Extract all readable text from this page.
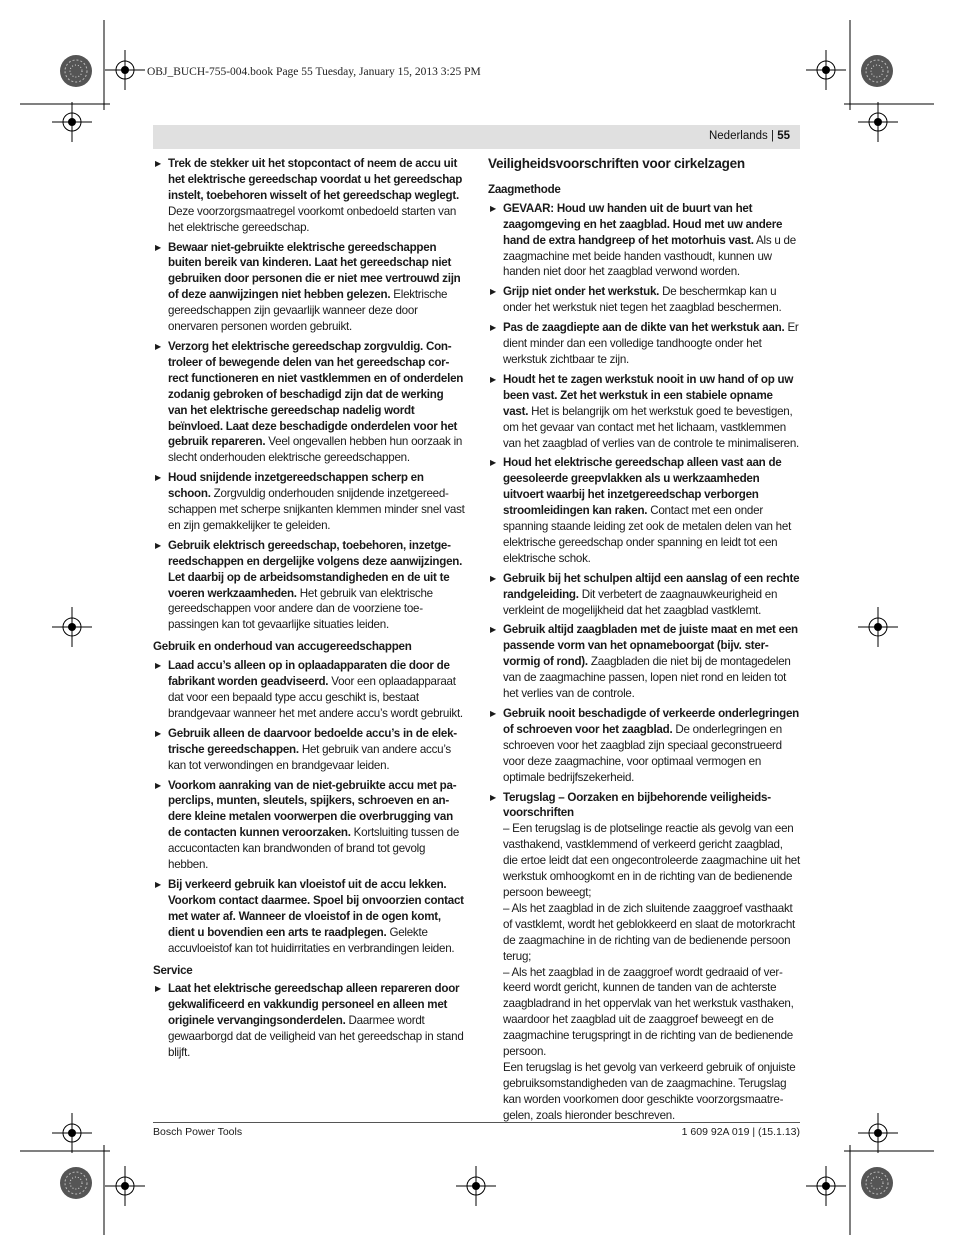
OBJ_BUCH-755-004.book Page 55 Tuesday, January 15, 2013 3:25 PM
Nederlands | 55
▶ Trek de stekker uit het stopcontact of neem de accu uit het elektrische gereedschap voordat u het gereedschap instelt, toebehoren wisselt of het gereedschap weglegt. Deze voorzorgsmaatregel voorkomt onbedoeld starten van het elektrische gereedschap.
▶ Bewaar niet-gebruikte elektrische gereedschappen buiten bereik van kinderen. Laat het gereedschap niet gebruiken door personen die er niet mee vertrouwd zijn of deze aanwijzingen niet hebben gelezen. Elektrische gereedschappen zijn gevaarlijk wanneer deze door onervaren personen worden gebruikt.
▶ Verzorg het elektrische gereedschap zorgvuldig. Controleer of bewegende delen van het gereedschap correct functioneren en niet vastklemmen en of onderdelen zodanig gebroken of beschadigd zijn dat de werking van het elektrische gereedschap nadelig wordt beïnvloed. Laat deze beschadigde onderdelen voor het gebruik repareren. Veel ongevallen hebben hun oorzaak in slecht onderhouden elektrische gereedschappen.
▶ Houd snijdende inzetgereedschappen scherp en schoon. Zorgvuldig onderhouden snijdende inzetgereedschappen met scherpe snijkanten klemmen minder snel vast en zijn gemakkelijker te geleiden.
▶ Gebruik elektrisch gereedschap, toebehoren, inzetgereedschappen en dergelijke volgens deze aanwijzingen. Let daarbij op de arbeidsomstandigheden en de uit te voeren werkzaamheden. Het gebruik van elektrische gereedschappen voor andere dan de voorziene toepassingen kan tot gevaarlijke situaties leiden.
Gebruik en onderhoud van accugereedschappen
▶ Laad accu’s alleen op in oplaadapparaten die door de fabrikant worden geadviseerd. Voor een oplaadapparaat dat voor een bepaald type accu geschikt is, bestaat brandgevaar wanneer het met andere accu’s wordt gebruikt.
▶ Gebruik alleen de daarvoor bedoelde accu’s in de elektrische gereedschappen. Het gebruik van andere accu’s kan tot verwondingen en brandgevaar leiden.
▶ Voorkom aanraking van de niet-gebruikte accu met paperclips, munten, sleutels, spijkers, schroeven en andere kleine metalen voorwerpen die overbrugging van de contacten kunnen veroorzaken. Kortsluiting tussen de accucontacten kan brandwonden of brand tot gevolg hebben.
▶ Bij verkeerd gebruik kan vloeistof uit de accu lekken. Voorkom contact daarmee. Spoel bij onvoorzien contact met water af. Wanneer de vloeistof in de ogen komt, dient u bovendien een arts te raadplegen. Gelekte accuvloeistof kan tot huidirritaties en verbrandingen leiden.
Service
▶ Laat het elektrische gereedschap alleen repareren door gekwalificeerd en vakkundig personeel en alleen met originele vervangingsonderdelen. Daarmee wordt gewaarborgd dat de veiligheid van het gereedschap in stand blijft.
Veiligheidsvoorschriften voor cirkelzagen
Zaagmethode
▶ GEVAAR: Houd uw handen uit de buurt van het zaagomgeving en het zaagblad. Houd met uw andere hand de extra handgreep of het motorhuis vast. Als u de zaagmachine met beide handen vasthoudt, kunnen uw handen niet door het zaagblad verwond worden.
▶ Grijp niet onder het werkstuk. De beschermkap kan u onder het werkstuk niet tegen het zaagblad beschermen.
▶ Pas de zaagdiepte aan de dikte van het werkstuk aan. Er dient minder dan een volledige tandhoogte onder het werkstuk zichtbaar te zijn.
▶ Houdt het te zagen werkstuk nooit in uw hand of op uw been vast. Zet het werkstuk in een stabiele opname vast. Het is belangrijk om het werkstuk goed te bevestigen, om het gevaar van contact met het lichaam, vastklemmen van het zaagblad of verlies van de controle te minimaliseren.
▶ Houd het elektrische gereedschap alleen vast aan de geesoleerde greepvlakken als u werkzaamheden uitvoert waarbij het inzetgereedschap verborgen stroomleidingen kan raken. Contact met een onder spanning staande leiding zet ook de metalen delen van het elektrische gereedschap onder spanning en leidt tot een elektrische schok.
▶ Gebruik bij het schulpen altijd een aanslag of een rechte randgeleiding. Dit verbetert de zaagnauwkeurigheid en verkleint de mogelijkheid dat het zaagblad vastklemt.
▶ Gebruik altijd zaagbladen met de juiste maat en met een passende vorm van het opnameboorgat (bijv. stervormig of rond). Zaagbladen die niet bij de montagedelen van de zaagmachine passen, lopen niet rond en leiden tot het verlies van de controle.
▶ Gebruik nooit beschadigde of verkeerde onderlegringen of schroeven voor het zaagblad. De onderlegringen en schroeven voor het zaagblad zijn speciaal geconstrueerd voor deze zaagmachine, voor optimaal vermogen en optimale bedrijfszekerheid.
▶ Terugslag – Oorzaken en bijbehorende veiligheidsvoorschriften
– Een terugslag is de plotselinge reactie als gevolg van een vasthakend, vastklemmend of verkeerd gericht zaagblad, die ertoe leidt dat een ongecontroleerde zaagmachine uit het werkstuk omhoogkomt en in de richting van de bedienende persoon beweegt;
– Als het zaagblad in de zich sluitende zaaggroef vasthaakt of vastklemt, wordt het geblokkeerd en slaat de motorkracht de zaagmachine in de richting van de bedienende persoon terug;
– Als het zaagblad in de zaaggroef wordt gedraaid of verkeerd wordt gericht, kunnen de tanden van de achterste zaagbladrand in het oppervlak van het werkstuk vasthaken, waardoor het zaagblad uit de zaaggroef beweegt en de zaagmachine terugspringt in de richting van de bedienende persoon.
Een terugslag is het gevolg van verkeerd gebruik of onjuiste gebruiksomstandigheden van de zaagmachine. Terugslag kan worden voorkomen door geschikte voorzorgsmaatregelen, zoals hieronder beschreven.
Bosch Power Tools	1 609 92A 019 | (15.1.13)
